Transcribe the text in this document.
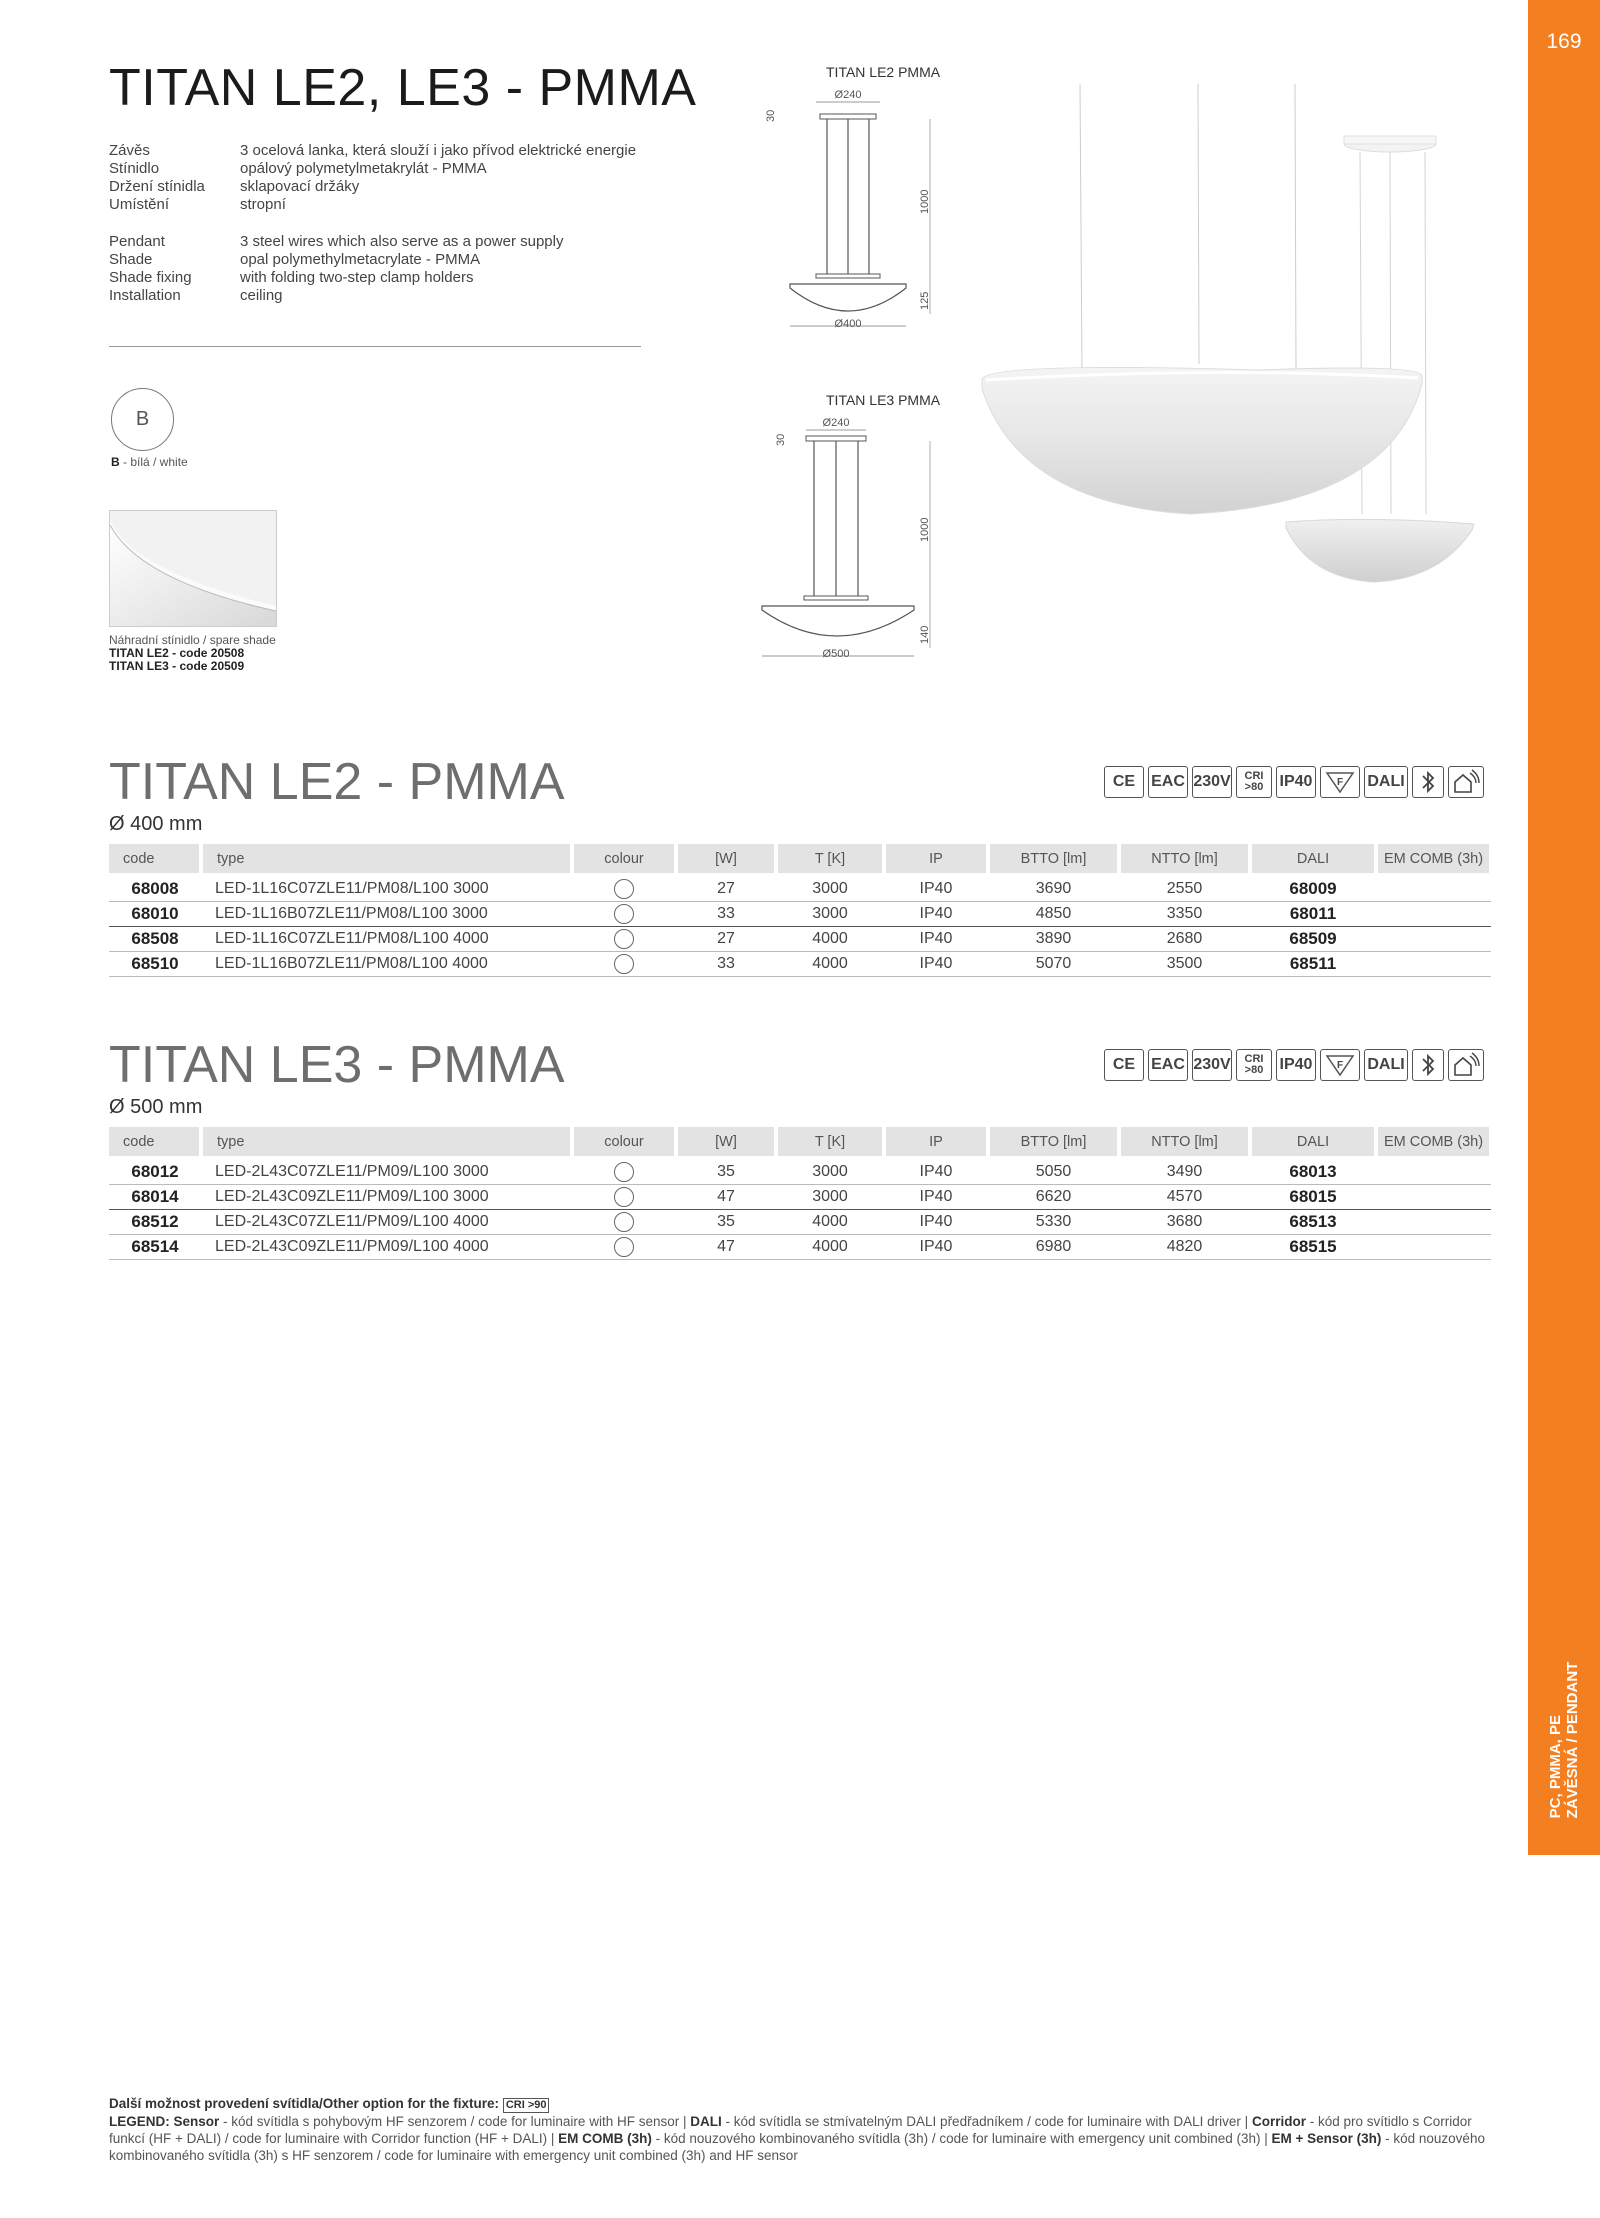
169
PC, PMMA, PE ZÁVĚSNÁ / PENDANT
TITAN LE2, LE3 - PMMA
Závěs	3 ocelová lanka, která slouží i jako přívod elektrické energie
Stínidlo	opálový polymetylmetakrylát - PMMA
Držení stínidla	sklapovací držáky
Umístění	stropní
Pendant	3 steel wires which also serve as a power supply
Shade	opal polymethylmetacrylate - PMMA
Shade fixing	with folding two-step clamp holders
Installation	ceiling
B
B - bílá / white
Náhradní stínidlo / spare shade
TITAN LE2 - code 20508
TITAN LE3 - code 20509
TITAN LE2 PMMA
Ø240
Ø400
30
1000
125
TITAN LE3 PMMA
Ø240
Ø500
30
1000
140
TITAN LE2 - PMMA
Ø 400 mm
CE	EAC 230V	CRI >80	IP40	F DALI
code	type	colour	[W]	T [K]	IP	BTTO [lm]	NTTO [lm]	DALI	EM COMB (3h)

68008	LED-1L16C07ZLE11/PM08/L100 3000		27	3000	IP40	3690	2550	68009	
68010	LED-1L16B07ZLE11/PM08/L100 3000		33	3000	IP40	4850	3350	68011	
68508	LED-1L16C07ZLE11/PM08/L100 4000		27	4000	IP40	3890	2680	68509	
68510	LED-1L16B07ZLE11/PM08/L100 4000		33	4000	IP40	5070	3500	68511	
TITAN LE3 - PMMA
Ø 500 mm
CE	EAC 230V	CRI >80	IP40	F DALI
code	type	colour	[W]	T [K]	IP	BTTO [lm]	NTTO [lm]	DALI	EM COMB (3h)

68012	LED-2L43C07ZLE11/PM09/L100 3000		35	3000	IP40	5050	3490	68013	
68014	LED-2L43C09ZLE11/PM09/L100 3000		47	3000	IP40	6620	4570	68015	
68512	LED-2L43C07ZLE11/PM09/L100 4000		35	4000	IP40	5330	3680	68513	
68514	LED-2L43C09ZLE11/PM09/L100 4000		47	4000	IP40	6980	4820	68515	
Další možnost provedení svítidla/Other option for the fixture: CRI >90
LEGEND: Sensor - kód svítidla s pohybovým HF senzorem / code for luminaire with HF sensor | DALI - kód svítidla se stmívatelným DALI předřadníkem / code for luminaire with DALI driver | Corridor - kód pro svítidlo s Corridor funkcí (HF + DALI) / code for luminaire with Corridor function (HF + DALI) | EM COMB (3h) - kód nouzového kombinovaného svítidla (3h) / code for luminaire with emergency unit combined (3h) | EM + Sensor (3h) - kód nouzového kombinovaného svítidla (3h) s HF senzorem / code for luminaire with emergency unit combined (3h) and HF sensor
